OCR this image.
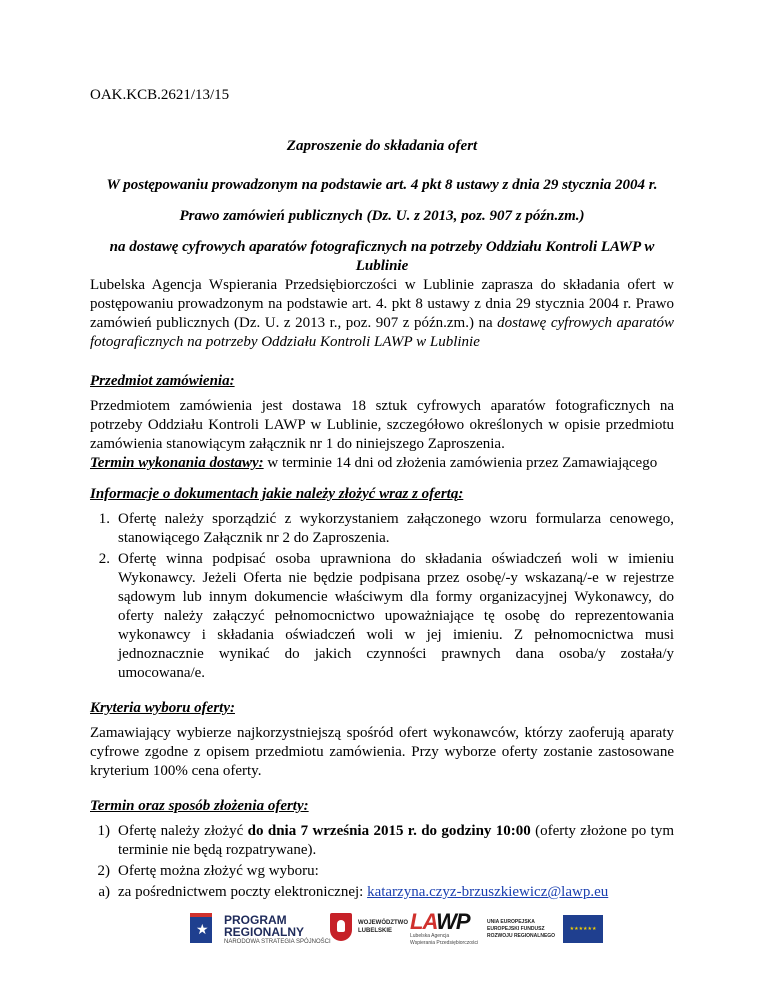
OAK.KCB.2621/13/15
Zaproszenie do składania ofert
W postępowaniu prowadzonym na podstawie art. 4 pkt 8 ustawy z dnia 29 stycznia 2004 r.
Prawo zamówień publicznych (Dz. U. z 2013, poz. 907 z późn.zm.)
na dostawę cyfrowych aparatów fotograficznych na potrzeby Oddziału Kontroli LAWP w Lublinie

Lubelska Agencja Wspierania Przedsiębiorczości w Lublinie zaprasza do składania ofert w postępowaniu prowadzonym na podstawie art. 4. pkt 8 ustawy z dnia 29 stycznia 2004 r. Prawo zamówień publicznych (Dz. U. z 2013 r., poz. 907 z późn.zm.) na dostawę cyfrowych aparatów fotograficznych na potrzeby Oddziału Kontroli LAWP w Lublinie

Przedmiot zamówienia:

Przedmiotem zamówienia jest dostawa 18 sztuk cyfrowych aparatów fotograficznych na potrzeby Oddziału Kontroli LAWP w Lublinie, szczegółowo określonych w opisie przedmiotu zamówienia stanowiącym załącznik nr 1 do niniejszego Zaproszenia.

Termin wykonania dostawy: w terminie 14 dni od złożenia zamówienia przez Zamawiającego

Informacje o dokumentach jakie należy złożyć wraz z ofertą:
1. Ofertę należy sporządzić z wykorzystaniem załączonego wzoru formularza cenowego, stanowiącego Załącznik nr 2 do Zaproszenia.
2. Ofertę winna podpisać osoba uprawniona do składania oświadczeń woli w imieniu Wykonawcy. Jeżeli Oferta nie będzie podpisana przez osobę/-y wskazaną/-e w rejestrze sądowym lub innym dokumencie właściwym dla formy organizacyjnej Wykonawcy, do oferty należy załączyć pełnomocnictwo upoważniające tę osobę do reprezentowania wykonawcy i składania oświadczeń woli w jej imieniu. Z pełnomocnictwa musi jednoznacznie wynikać do jakich czynności prawnych dana osoba/y została/y umocowana/e.
Kryteria wyboru oferty:

Zamawiający wybierze najkorzystniejszą spośród ofert wykonawców, którzy zaoferują aparaty cyfrowe zgodne z opisem przedmiotu zamówienia. Przy wyborze oferty zostanie zastosowane kryterium 100% cena oferty.

Termin oraz sposób złożenia oferty:
1) Ofertę należy złożyć do dnia 7 września 2015 r. do godziny 10:00 (oferty złożone po tym terminie nie będą rozpatrywane).
2) Ofertę można złożyć wg wyboru:
a) za pośrednictwem poczty elektronicznej: katarzyna.czyz-brzuszkiewicz@lawp.eu
★
PROGRAM
REGIONALNY
NARODOWA STRATEGIA SPÓJNOŚCI
WOJEWÓDZTWO
LUBELSKIE LAWP
Lubelska Agencja
Wspierania Przedsiębiorczości
UNIA EUROPEJSKA
EUROPEJSKI FUNDUSZ
ROZWOJU REGIONALNEGO
★★★★★★
